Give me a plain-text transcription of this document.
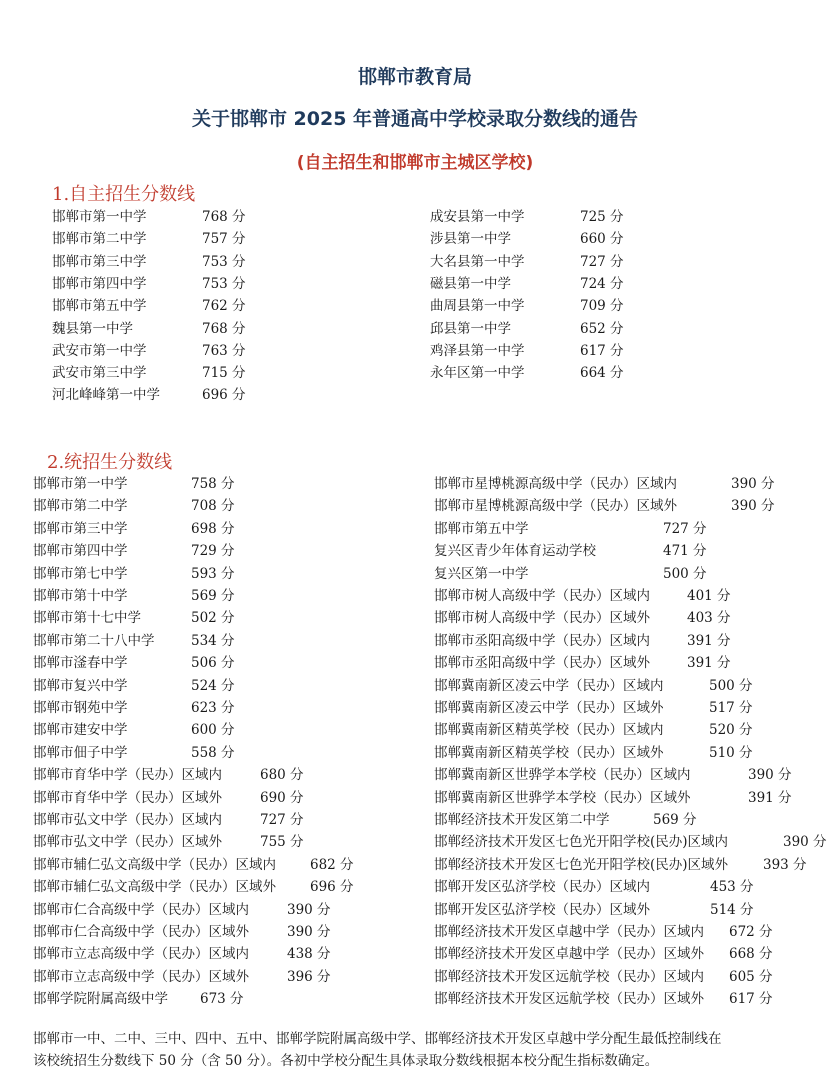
邯郸市教育局
关于邯郸市 2025 年普通高中学校录取分数线的通告
(自主招生和邯郸市主城区学校)
1.自主招生分数线
邯郸市第一中学	768 分
邯郸市第二中学	757 分
邯郸市第三中学	753 分
邯郸市第四中学	753 分
邯郸市第五中学	762 分
魏县第一中学	768 分
武安市第一中学	763 分
武安市第三中学	715 分
河北峰峰第一中学	696 分
成安县第一中学	725 分
涉县第一中学	660 分
大名县第一中学	727 分
磁县第一中学	724 分
曲周县第一中学	709 分
邱县第一中学	652 分
鸡泽县第一中学	617 分
永年区第一中学	664 分
2.统招生分数线
邯郸市第一中学	758 分
邯郸市第二中学	708 分
邯郸市第三中学	698 分
邯郸市第四中学	729 分
邯郸市第七中学	593 分
邯郸市第十中学	569 分
邯郸市第十七中学	502 分
邯郸市第二十八中学	534 分
邯郸市滏春中学	506 分
邯郸市复兴中学	524 分
邯郸市钢苑中学	623 分
邯郸市建安中学	600 分
邯郸市佃子中学	558 分
邯郸市育华中学（民办）区域内	680 分
邯郸市育华中学（民办）区域外	690 分
邯郸市弘文中学（民办）区域内	727 分
邯郸市弘文中学（民办）区域外	755 分
邯郸市辅仁弘文高级中学（民办）区域内	682 分
邯郸市辅仁弘文高级中学（民办）区域外	696 分
邯郸市仁合高级中学（民办）区域内	390 分
邯郸市仁合高级中学（民办）区域外	390 分
邯郸市立志高级中学（民办）区域内	438 分
邯郸市立志高级中学（民办）区域外	396 分
邯郸学院附属高级中学 673 分
邯郸市星博桃源高级中学（民办）区域内	390 分
邯郸市星博桃源高级中学（民办）区域外	390 分
邯郸市第五中学	727 分
复兴区青少年体育运动学校	471 分
复兴区第一中学	500 分
邯郸市树人高级中学（民办）区域内	401 分
邯郸市树人高级中学（民办）区域外	403 分
邯郸市丞阳高级中学（民办）区域内	391 分
邯郸市丞阳高级中学（民办）区域外	391 分
邯郸冀南新区凌云中学（民办）区域内	500 分
邯郸冀南新区凌云中学（民办）区域外	517 分
邯郸冀南新区精英学校（民办）区域内	520 分
邯郸冀南新区精英学校（民办）区域外	510 分
邯郸冀南新区世骅学本学校（民办）区域内	390 分
邯郸冀南新区世骅学本学校（民办）区域外	391 分
邯郸经济技术开发区第二中学	569 分
邯郸经济技术开发区七色光开阳学校(民办)区域内	390 分
邯郸经济技术开发区七色光开阳学校(民办)区域外	393 分
邯郸开发区弘济学校（民办）区域内	453 分
邯郸开发区弘济学校（民办）区域外	514 分
邯郸经济技术开发区卓越中学（民办）区域内 672 分
邯郸经济技术开发区卓越中学（民办）区域外 668 分
邯郸经济技术开发区远航学校（民办）区域内 605 分
邯郸经济技术开发区远航学校（民办）区域外 617 分
邯郸市一中、二中、三中、四中、五中、邯郸学院附属高级中学、邯郸经济技术开发区卓越中学分配生最低控制线在
该校统招生分数线下 50 分（含 50 分）。各初中学校分配生具体录取分数线根据本校分配生指标数确定。
